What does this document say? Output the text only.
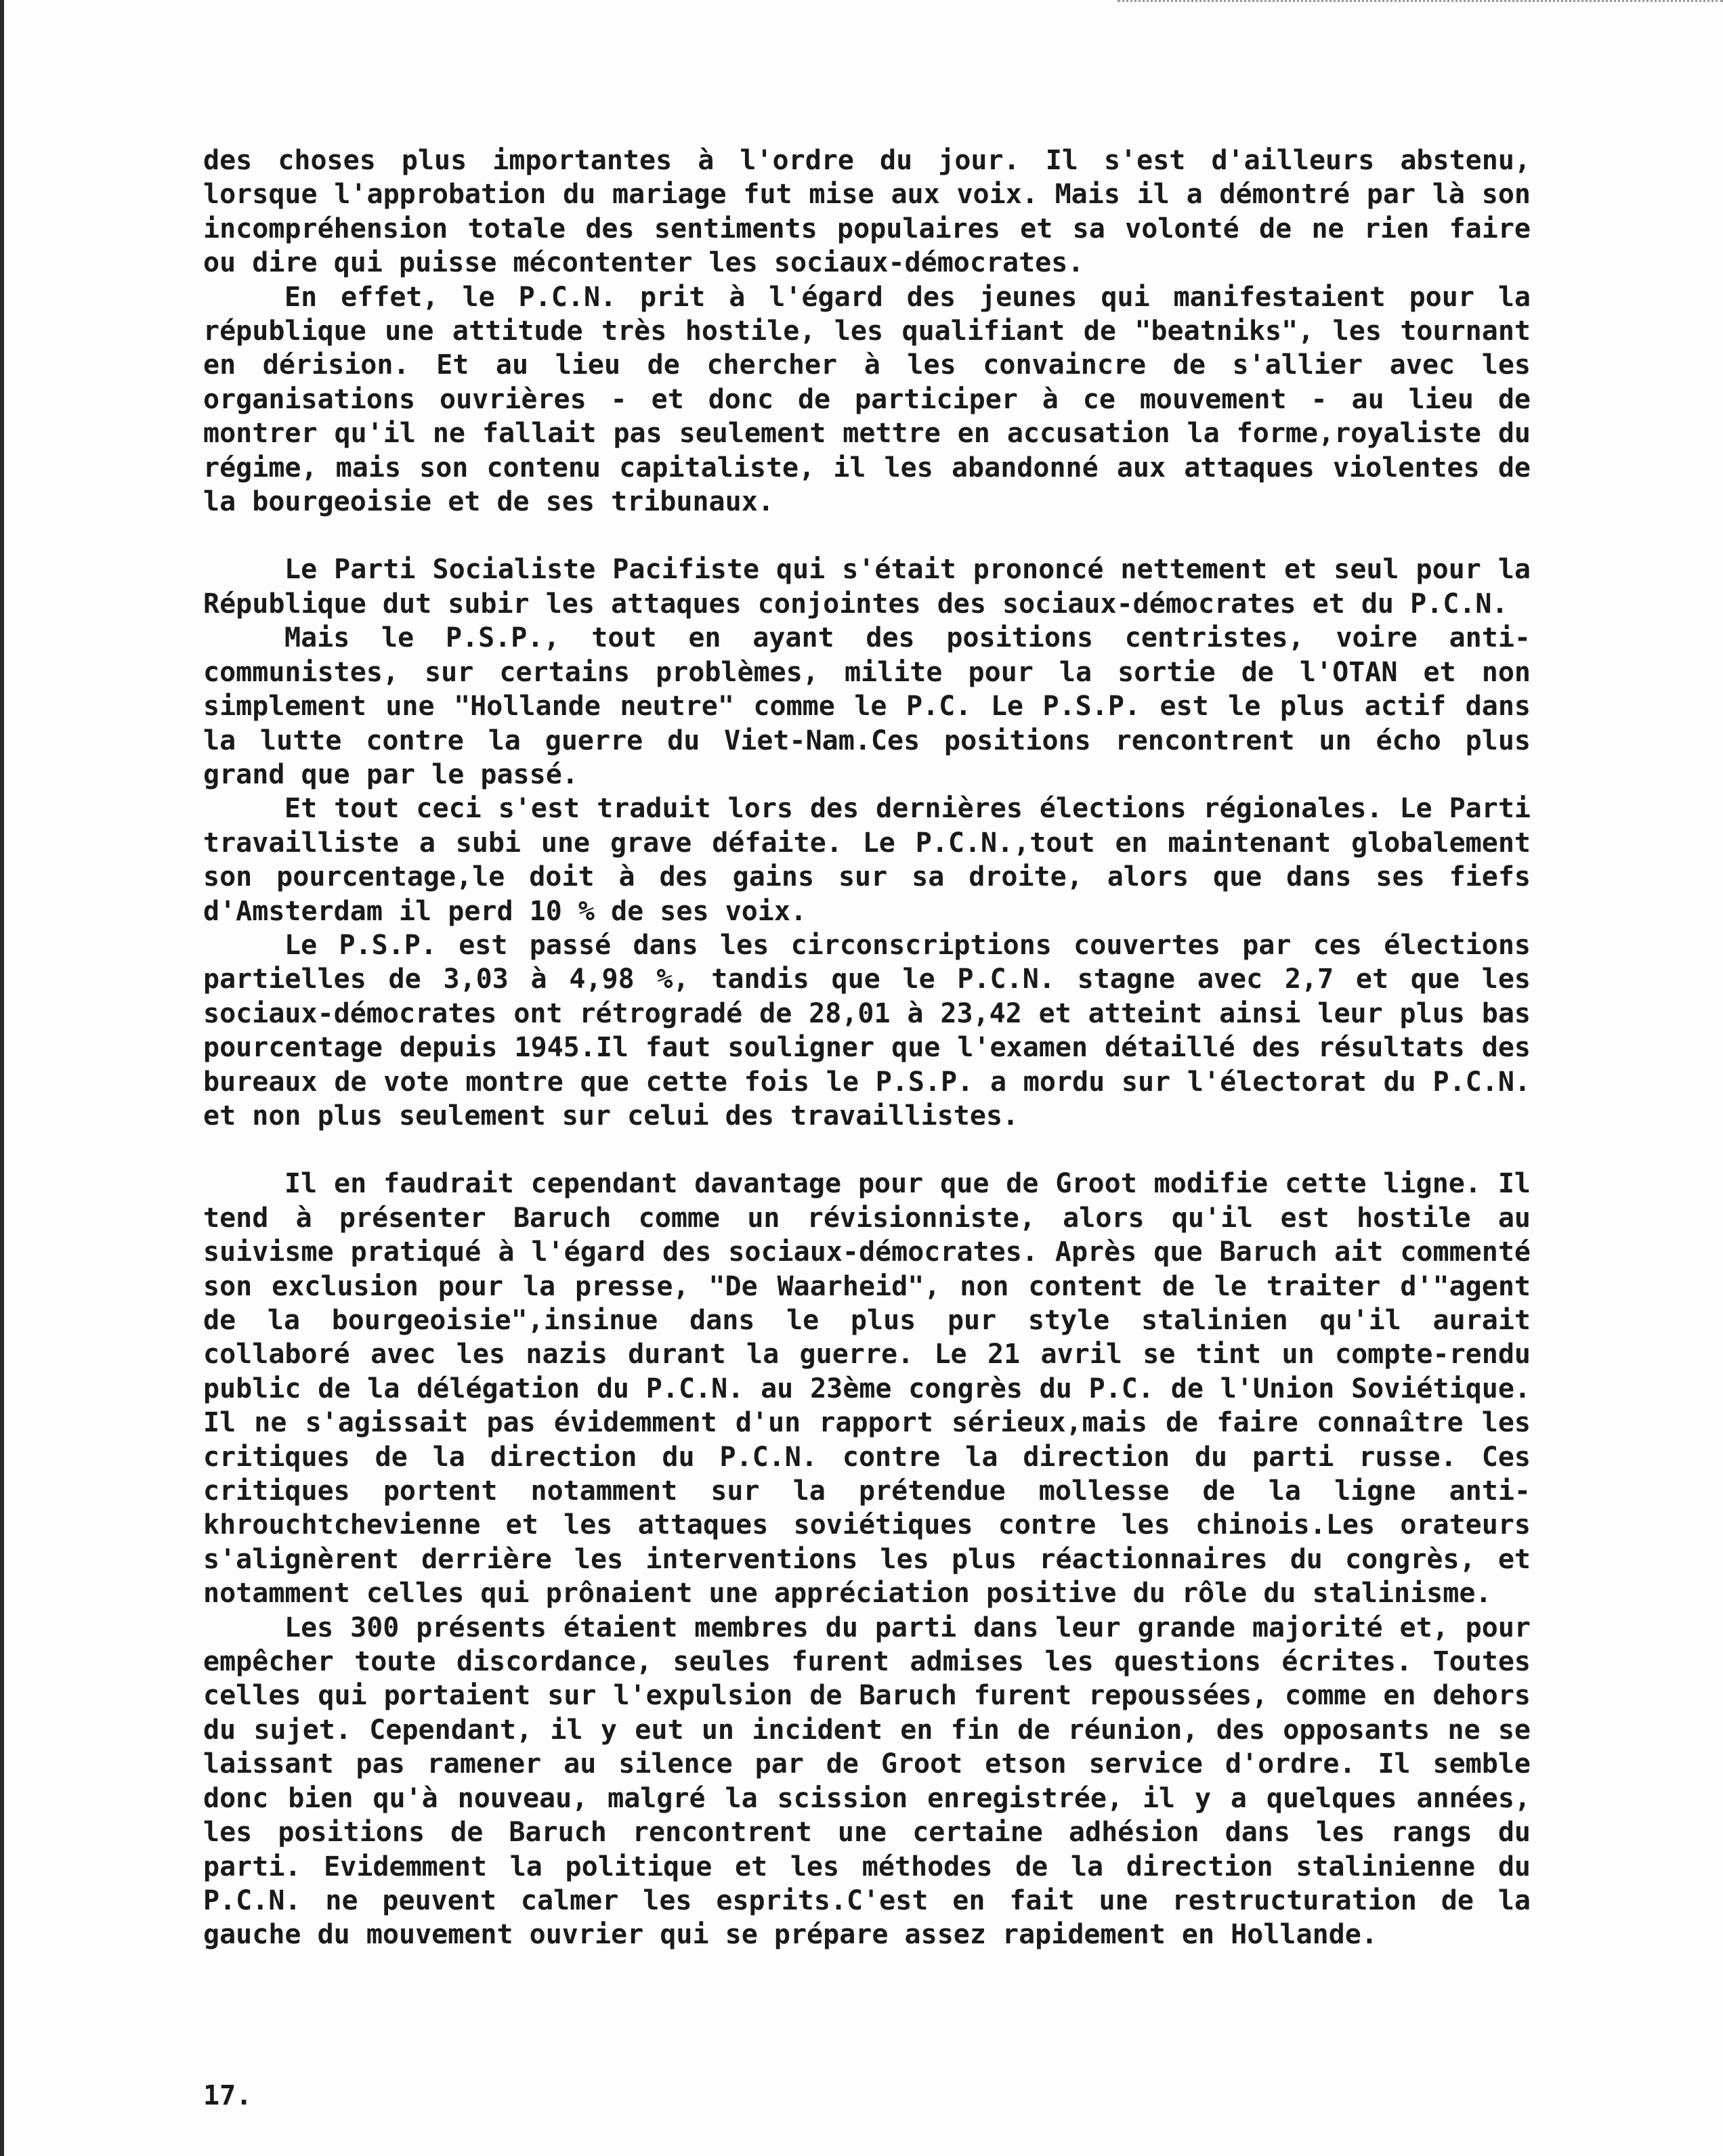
des choses plus importantes à l'ordre du jour. Il s'est d'ailleurs abstenu, lorsque l'approbation du mariage fut mise aux voix. Mais il a démontré par là son incompréhension totale des sentiments populaires et sa volonté de ne rien faire ou dire qui puisse mécontenter les sociaux-démocrates.

En effet, le P.C.N. prit à l'égard des jeunes qui manifestaient pour la république une attitude très hostile, les qualifiant de "beatniks", les tournant en dérision. Et au lieu de chercher à les convaincre de s'allier avec les organisations ouvrières - et donc de participer à ce mouvement - au lieu de montrer qu'il ne fallait pas seulement mettre en accusation la forme,royaliste du régime, mais son contenu capitaliste, il les abandonné aux attaques violentes de la bourgeoisie et de ses tribunaux.

Le Parti Socialiste Pacifiste qui s'était prononcé nettement et seul pour la République dut subir les attaques conjointes des sociaux-démocrates et du P.C.N.

Mais le P.S.P., tout en ayant des positions centristes, voire anti-communistes, sur certains problèmes, milite pour la sortie de l'OTAN et non simplement une "Hollande neutre" comme le P.C. Le P.S.P. est le plus actif dans la lutte contre la guerre du Viet-Nam.Ces positions rencontrent un écho plus grand que par le passé.

Et tout ceci s'est traduit lors des dernières élections régionales. Le Parti travailliste a subi une grave défaite. Le P.C.N.,tout en maintenant globalement son pourcentage,le doit à des gains sur sa droite, alors que dans ses fiefs d'Amsterdam il perd 10 % de ses voix.

Le P.S.P. est passé dans les circonscriptions couvertes par ces élections partielles de 3,03 à 4,98 %, tandis que le P.C.N. stagne avec 2,7 et que les sociaux-démocrates ont rétrogradé de 28,01 à 23,42 et atteint ainsi leur plus bas pourcentage depuis 1945.Il faut souligner que l'examen détaillé des résultats des bureaux de vote montre que cette fois le P.S.P. a mordu sur l'électorat du P.C.N. et non plus seulement sur celui des travaillistes.

Il en faudrait cependant davantage pour que de Groot modifie cette ligne. Il tend à présenter Baruch comme un révisionniste, alors qu'il est hostile au suivisme pratiqué à l'égard des sociaux-démocrates. Après que Baruch ait commenté son exclusion pour la presse, "De Waarheid", non content de le traiter d'"agent de la bourgeoisie",insinue dans le plus pur style stalinien qu'il aurait collaboré avec les nazis durant la guerre. Le 21 avril se tint un compte-rendu public de la délégation du P.C.N. au 23ème congrès du P.C. de l'Union Soviétique. Il ne s'agissait pas évidemment d'un rapport sérieux,mais de faire connaître les critiques de la direction du P.C.N. contre la direction du parti russe. Ces critiques portent notamment sur la prétendue mollesse de la ligne anti-khrouchtchevienne et les attaques soviétiques contre les chinois.Les orateurs s'alignèrent derrière les interventions les plus réactionnaires du congrès, et notamment celles qui prônaient une appréciation positive du rôle du stalinisme.

Les 300 présents étaient membres du parti dans leur grande majorité et, pour empêcher toute discordance, seules furent admises les questions écrites. Toutes celles qui portaient sur l'expulsion de Baruch furent repoussées, comme en dehors du sujet. Cependant, il y eut un incident en fin de réunion, des opposants ne se laissant pas ramener au silence par de Groot etson service d'ordre. Il semble donc bien qu'à nouveau, malgré la scission enregistrée, il y a quelques années, les positions de Baruch rencontrent une certaine adhésion dans les rangs du parti. Evidemment la politique et les méthodes de la direction stalinienne du P.C.N. ne peuvent calmer les esprits.C'est en fait une restructuration de la gauche du mouvement ouvrier qui se prépare assez rapidement en Hollande.

17.
